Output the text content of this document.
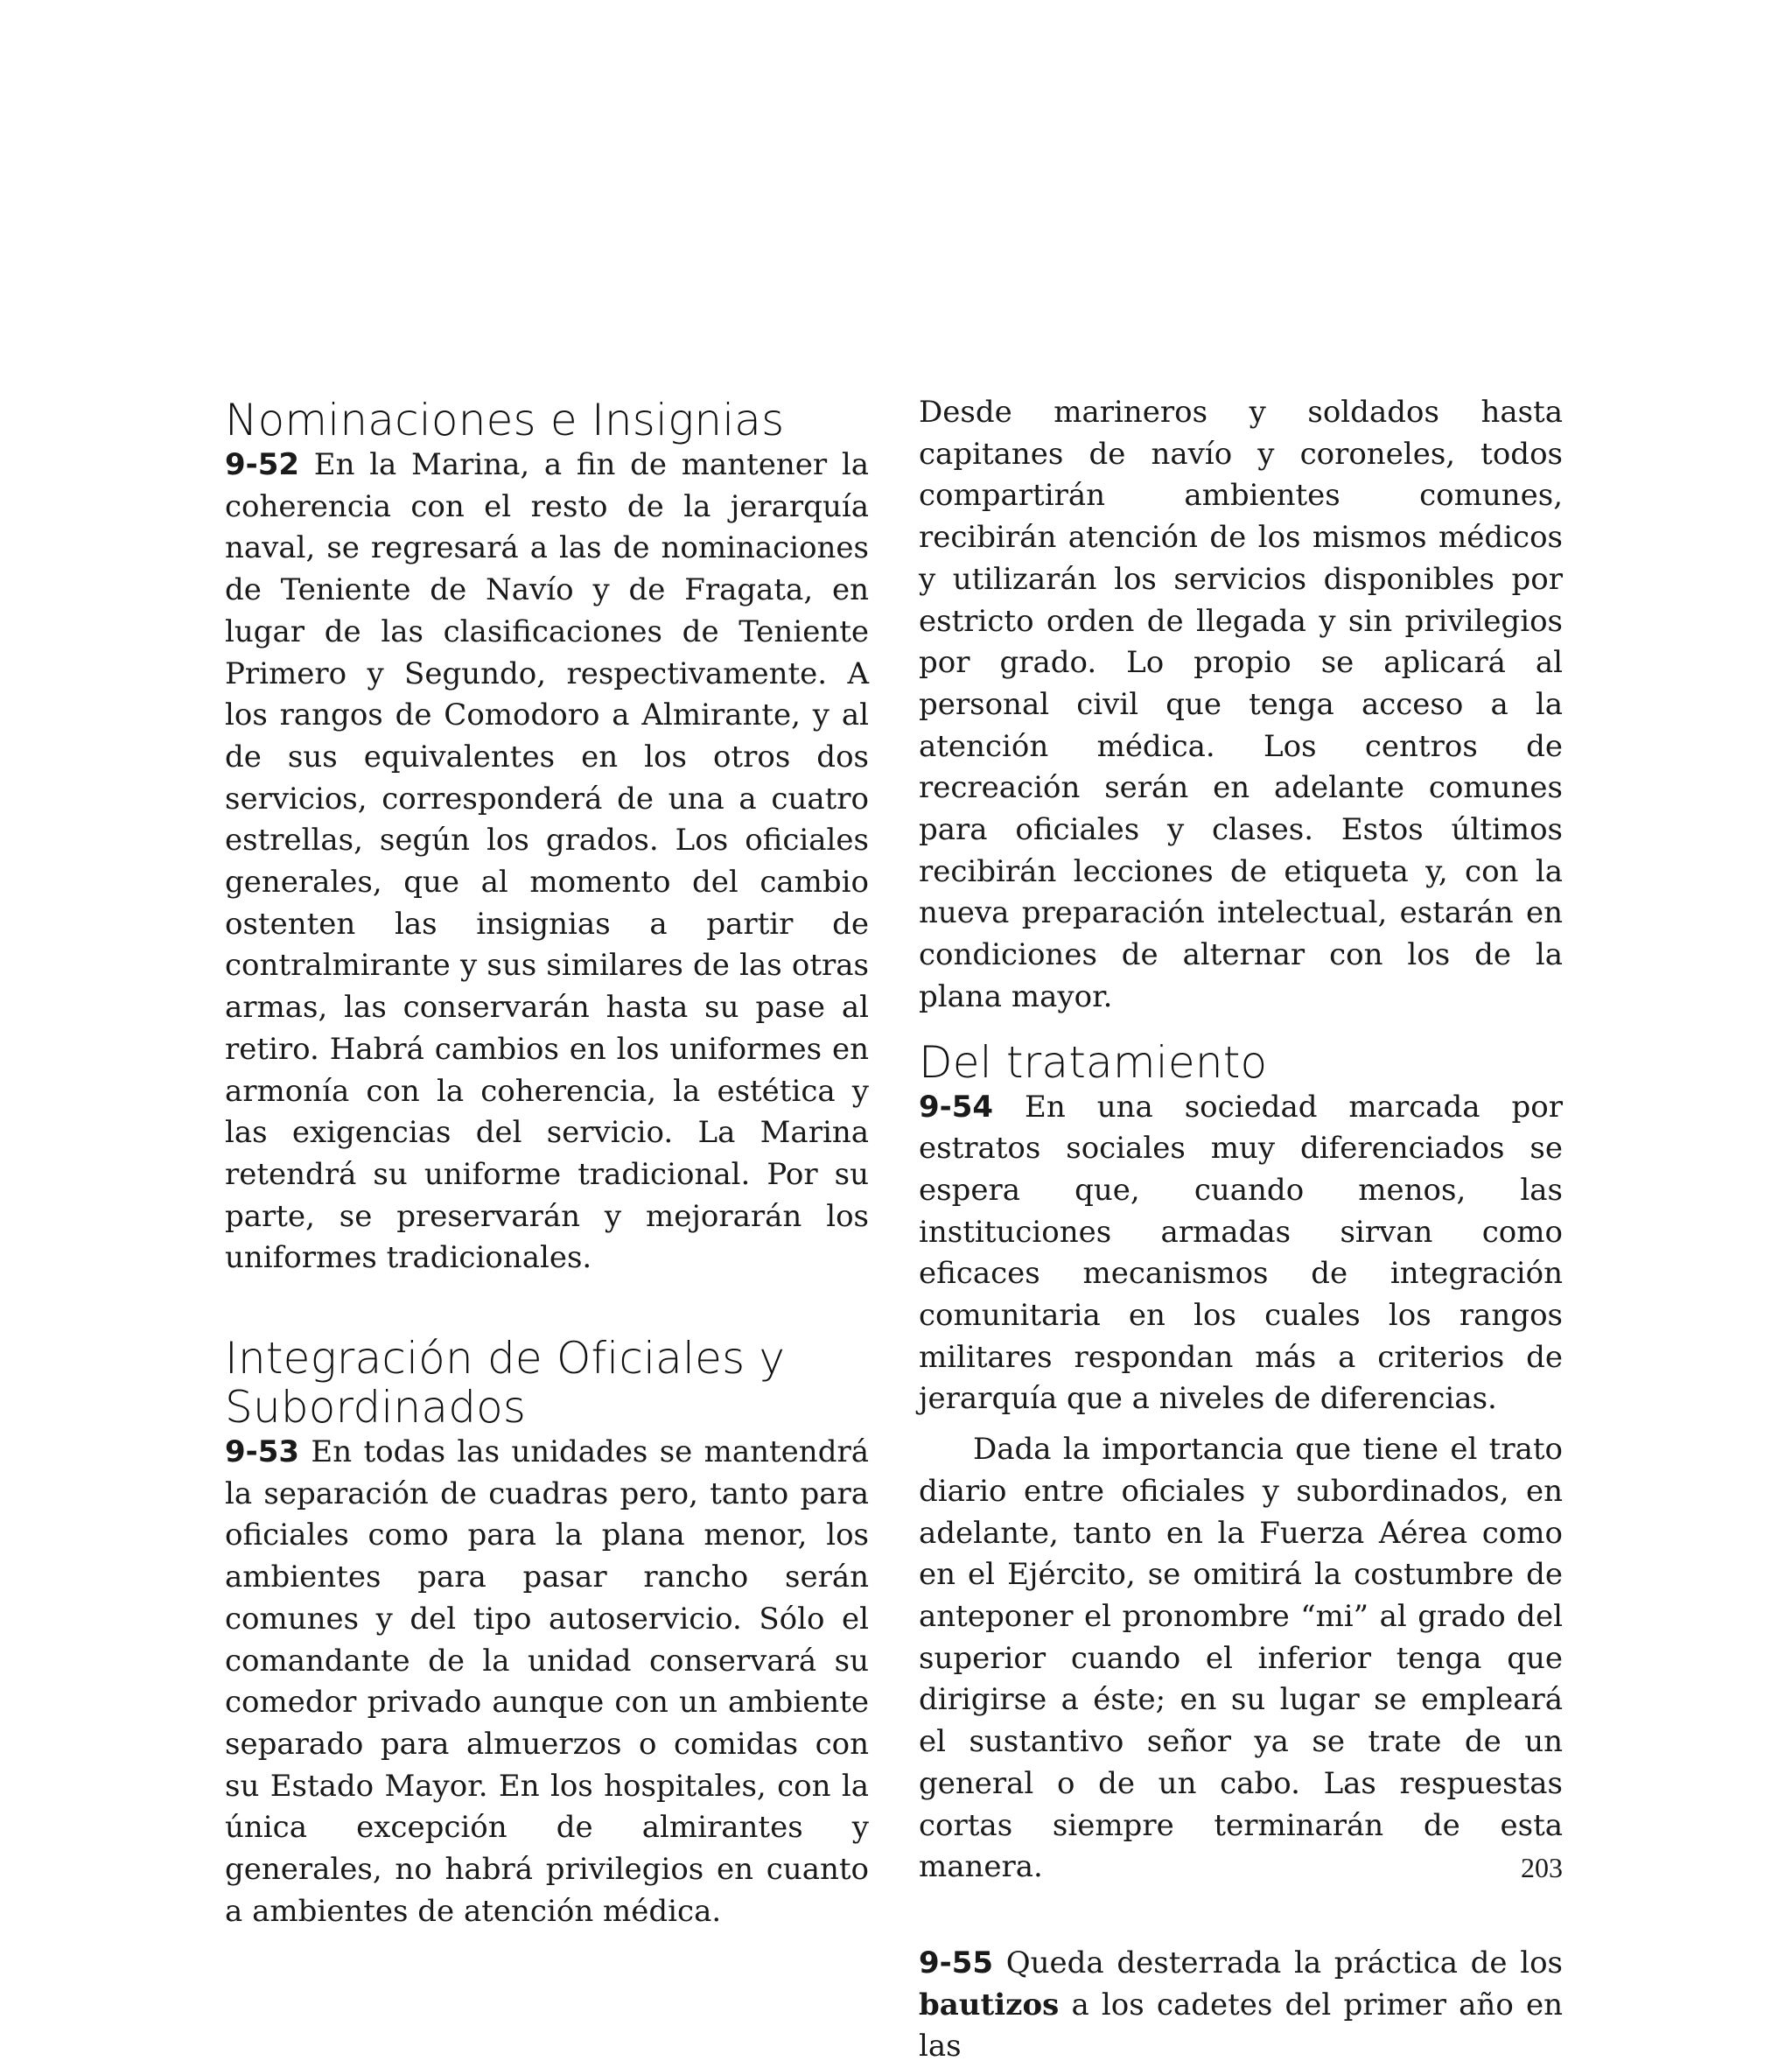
Nominaciones e Insignias

9-52 En la Marina, a fin de mantener la coherencia con el resto de la jerarquía naval, se regresará a las de nominaciones de Teniente de Navío y de Fragata, en lugar de las clasificaciones de Teniente Primero y Segundo, respectivamente. A los rangos de Comodoro a Almirante, y al de sus equivalentes en los otros dos servicios, corresponderá de una a cuatro estrellas, según los grados. Los oficiales generales, que al momento del cambio ostenten las insignias a partir de contralmirante y sus similares de las otras armas, las conservarán hasta su pase al retiro. Habrá cambios en los uniformes en armonía con la coherencia, la estética y las exigencias del servicio. La Marina retendrá su uniforme tradicional. Por su parte, se preservarán y mejorarán los uniformes tradicionales.

Integración de Oficiales y
Subordinados

9-53 En todas las unidades se mantendrá la separación de cuadras pero, tanto para oficiales como para la plana menor, los ambientes para pasar rancho serán comunes y del tipo autoservicio. Sólo el comandante de la unidad conservará su comedor privado aunque con un ambiente separado para almuerzos o comidas con su Estado Mayor. En los hospitales, con la única excepción de almirantes y generales, no habrá privilegios en cuanto a ambientes de atención médica.

Desde marineros y soldados hasta capitanes de navío y coroneles, todos compartirán ambientes comunes, recibirán atención de los mismos médicos y utilizarán los servicios disponibles por estricto orden de llegada y sin privilegios por grado. Lo propio se aplicará al personal civil que tenga acceso a la atención médica. Los centros de recreación serán en adelante comunes para oficiales y clases. Estos últimos recibirán lecciones de etiqueta y, con la nueva preparación intelectual, estarán en condiciones de alternar con los de la plana mayor.

Del tratamiento

9-54 En una sociedad marcada por estratos sociales muy diferenciados se espera que, cuando menos, las instituciones armadas sirvan como eficaces mecanismos de integración comunitaria en los cuales los rangos militares respondan más a criterios de jerarquía que a niveles de diferencias.

Dada la importancia que tiene el trato diario entre oficiales y subordinados, en adelante, tanto en la Fuerza Aérea como en el Ejército, se omitirá la costumbre de anteponer el pronombre “mi” al grado del superior cuando el inferior tenga que dirigirse a éste; en su lugar se empleará el sustantivo señor ya se trate de un general o de un cabo. Las respuestas cortas siempre terminarán de esta manera.

9-55 Queda desterrada la práctica de los bautizos a los cadetes del primer año en las

203
